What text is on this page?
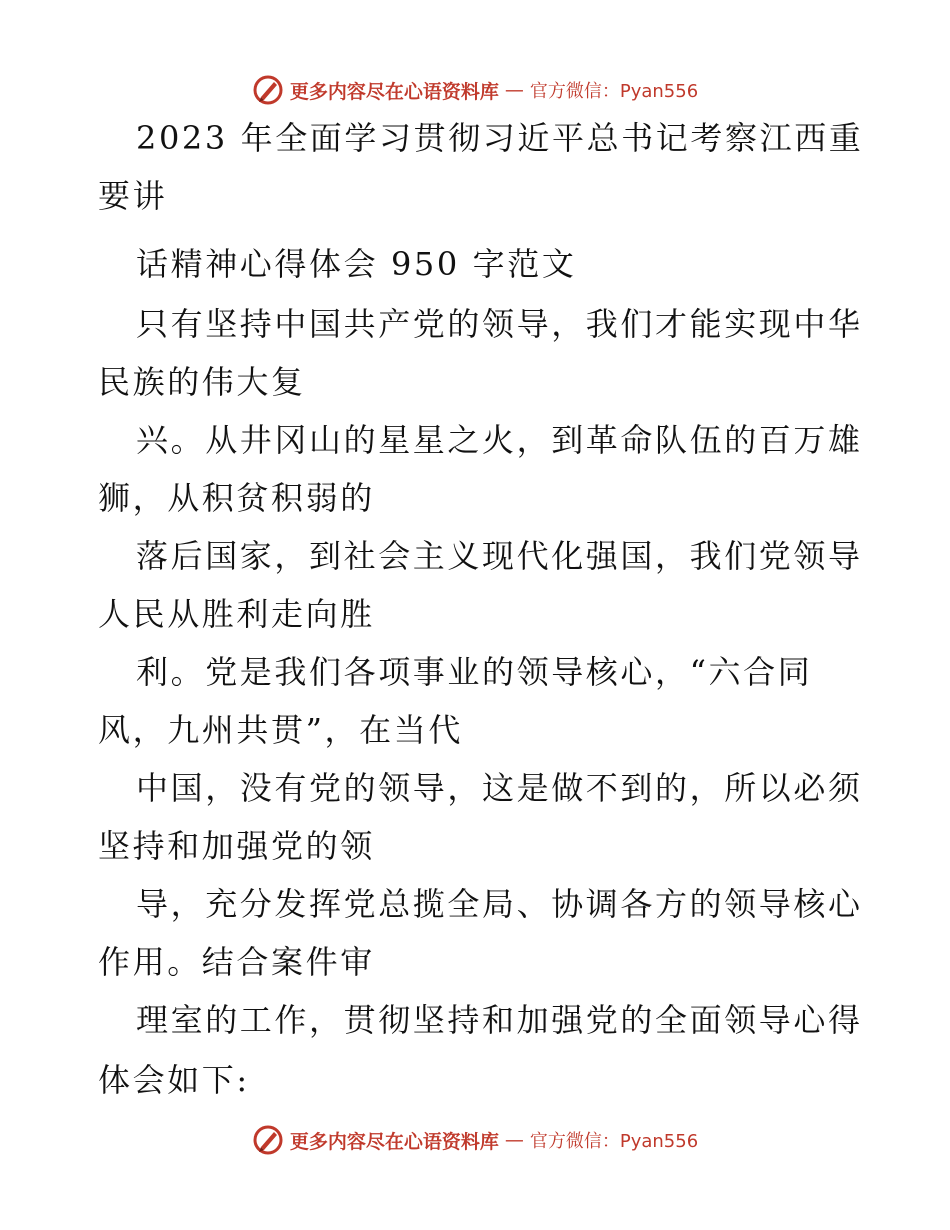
更多内容尽在心语资料库 — 官方微信：Pyan556
2023 年全面学习贯彻习近平总书记考察江西重
要讲
话精神心得体会 950 字范文
只有坚持中国共产党的领导，我们才能实现中华
民族的伟大复
兴。从井冈山的星星之火，到革命队伍的百万雄
狮，从积贫积弱的
落后国家，到社会主义现代化强国，我们党领导
人民从胜利走向胜
利。党是我们各项事业的领导核心，“六合同
风，九州共贯”，在当代
中国，没有党的领导，这是做不到的，所以必须
坚持和加强党的领
导，充分发挥党总揽全局、协调各方的领导核心
作用。结合案件审
理室的工作，贯彻坚持和加强党的全面领导心得
体会如下:
更多内容尽在心语资料库 — 官方微信：Pyan556
